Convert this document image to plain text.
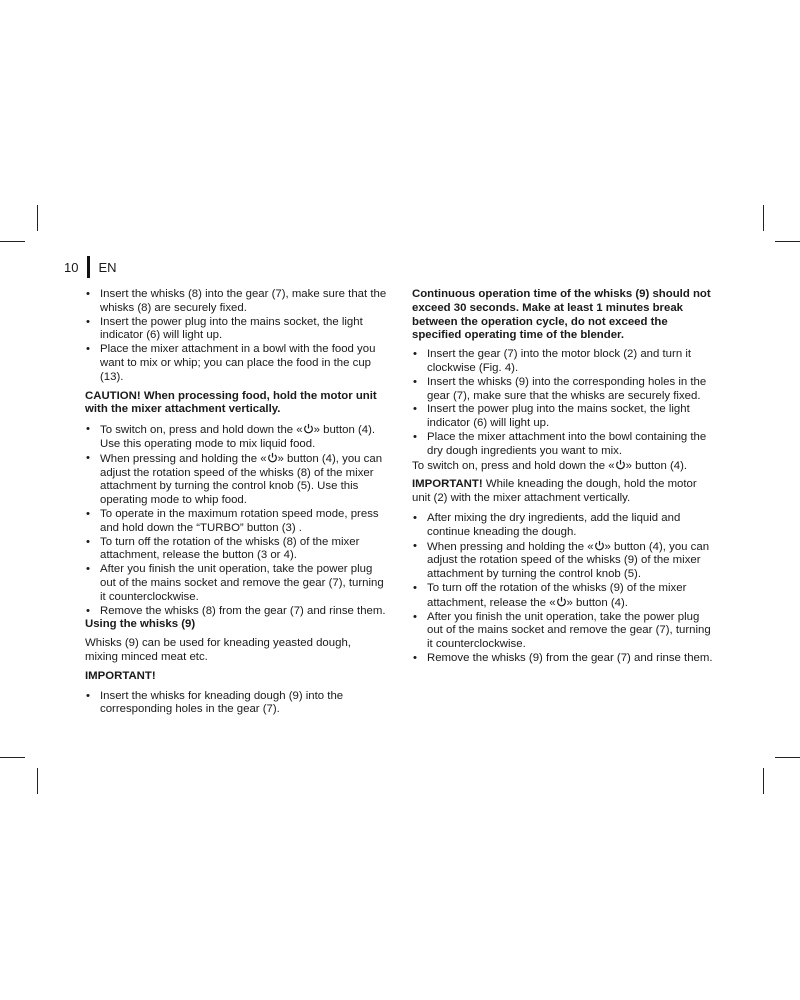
10 EN
• Insert the whisks (8) into the gear (7), make sure that the whisks (8) are securely fixed.
• Insert the power plug into the mains socket, the light indicator (6) will light up.
• Place the mixer attachment in a bowl with the food you want to mix or whip; you can place the food in the cup (13).

CAUTION! When processing food, hold the motor unit with the mixer attachment vertically.

• To switch on, press and hold down the « » button (4). Use this operating mode to mix liquid food.
• When pressing and holding the « » button (4), you can adjust the rotation speed of the whisks (8) of the mixer attachment by turning the control knob (5). Use this operating mode to whip food.
• To operate in the maximum rotation speed mode, press and hold down the “TURBO” button (3) .
• To turn off the rotation of the whisks (8) of the mixer attachment, release the button (3 or 4).
• After you finish the unit operation, take the power plug out of the mains socket and remove the gear (7), turning it counterclockwise.
• Remove the whisks (8) from the gear (7) and rinse them.

Using the whisks (9)

Whisks (9) can be used for kneading yeasted dough, mixing minced meat etc.

IMPORTANT!

• Insert the whisks for kneading dough (9) into the corresponding holes in the gear (7).

Continuous operation time of the whisks (9) should not exceed 30 seconds. Make at least 1 minutes break between the operation cycle, do not exceed the specified operating time of the blender.

• Insert the gear (7) into the motor block (2) and turn it clockwise (Fig. 4).
• Insert the whisks (9) into the corresponding holes in the gear (7), make sure that the whisks are securely fixed.
• Insert the power plug into the mains socket, the light indicator (6) will light up.
• Place the mixer attachment into the bowl containing the dry dough ingredients you want to mix.

To switch on, press and hold down the « » button (4).

IMPORTANT! While kneading the dough, hold the motor unit (2) with the mixer attachment vertically.

• After mixing the dry ingredients, add the liquid and continue kneading the dough.
• When pressing and holding the « » button (4), you can adjust the rotation speed of the whisks (9) of the mixer attachment by turning the control knob (5).
• To turn off the rotation of the whisks (9) of the mixer attachment, release the « » button (4).
• After you finish the unit operation, take the power plug out of the mains socket and remove the gear (7), turning it counterclockwise.
• Remove the whisks (9) from the gear (7) and rinse them.
